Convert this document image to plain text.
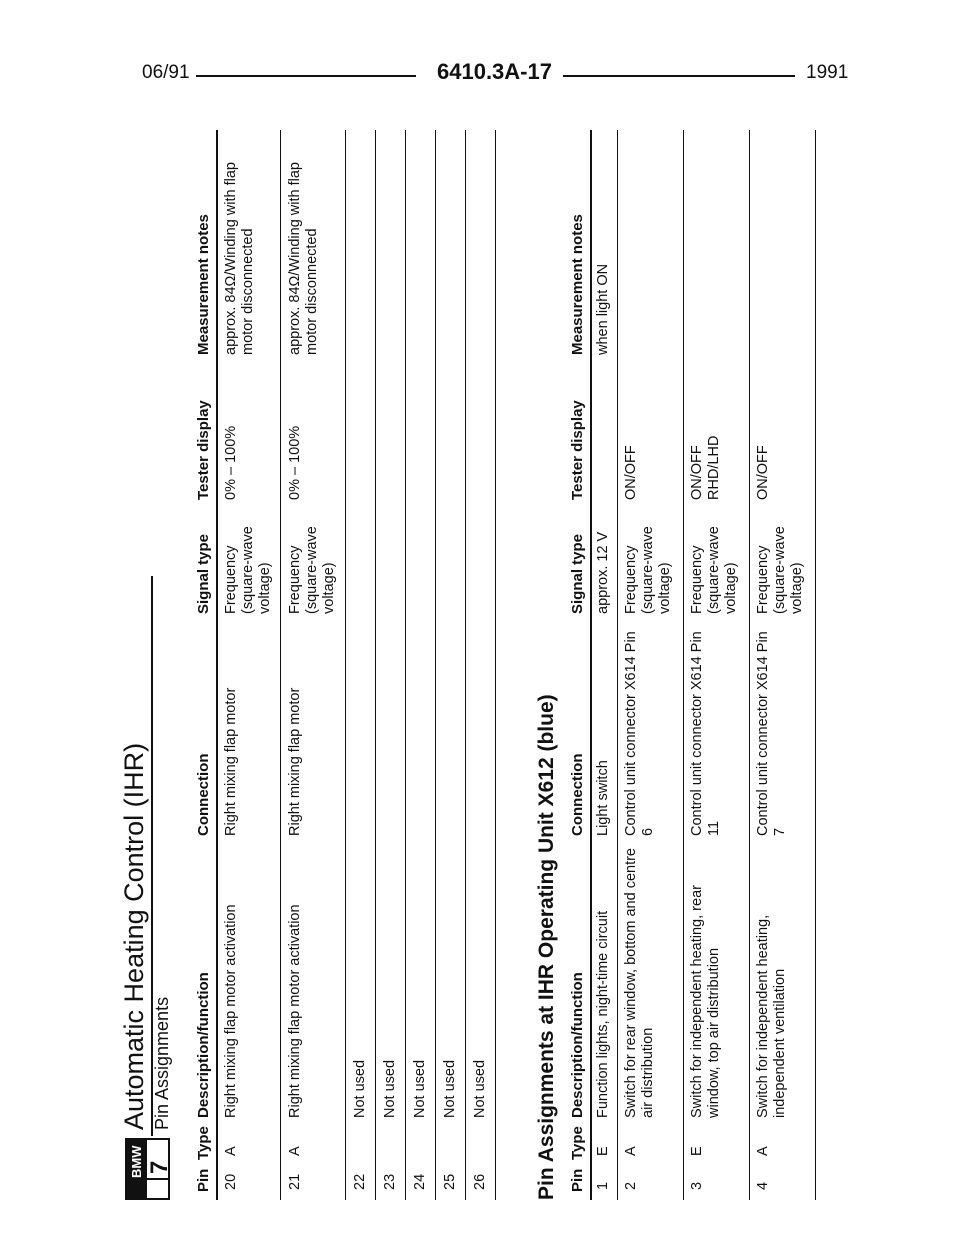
06/91	6410.3A-17	1991
BMW 7
Automatic Heating Control (IHR) Pin Assignments
Pin
Type
Description/function
Connection
Signal type
Tester display
Measurement notes
20
A
Right mixing flap motor activation
Right mixing flap motor
Frequency (square-wave voltage)
0% – 100%
approx. 84Ω/Winding with flap motor disconnected
21
A
Right mixing flap motor activation
Right mixing flap motor
Frequency (square-wave voltage)
0% – 100%
approx. 84Ω/Winding with flap motor disconnected
22
Not used
23
Not used
24
Not used
25
Not used
26
Not used Pin Assignments at IHR Operating Unit X612 (blue) Pin
Type
Description/function
Connection
Signal type
Tester display
Measurement notes
1
E
Function lights, night-time circuit
Light switch
approx. 12 V
when light ON
2
A
Switch for rear window, bottom and centre air distribution
Control unit connector X614 Pin 6
Frequency (square-wave voltage)
ON/OFF
3
E
Switch for independent heating, rear window, top air distribution
Control unit connector X614 Pin 11
Frequency (square-wave voltage)
ON/OFF RHD/LHD
4
A
Switch for independent heating, independent ventilation
Control unit connector X614 Pin 7
Frequency (square-wave voltage)
ON/OFF
